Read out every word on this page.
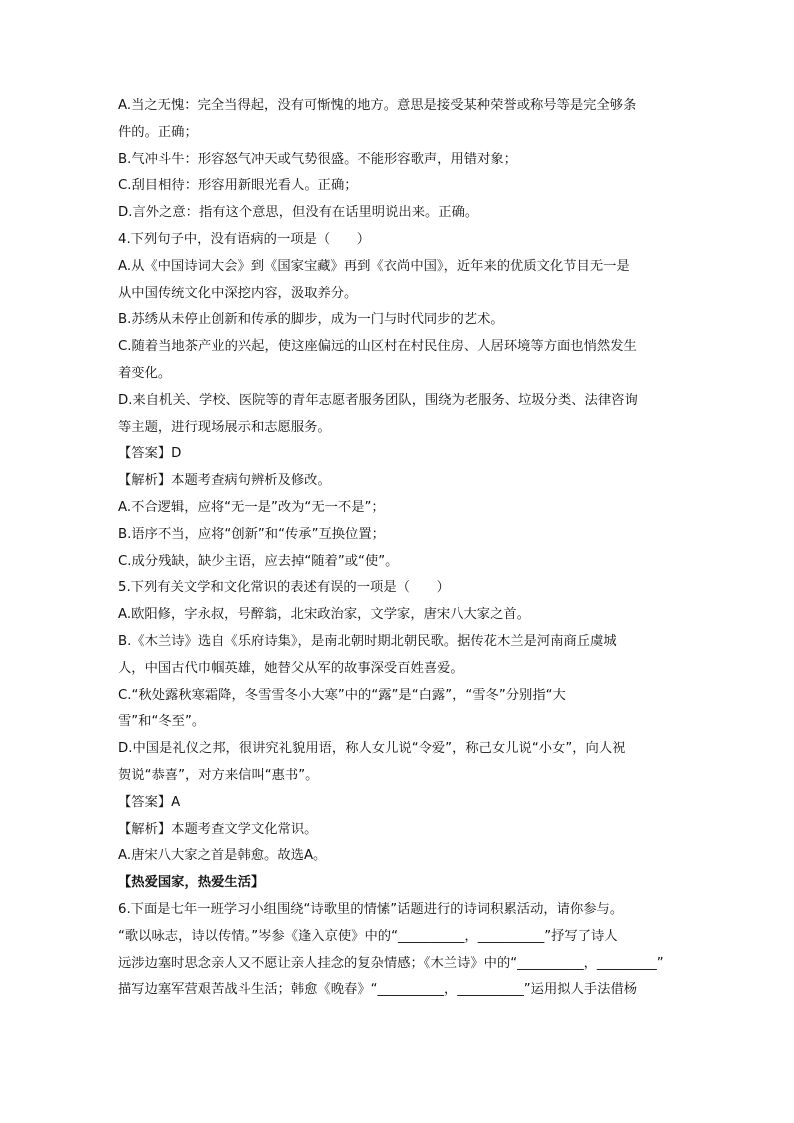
A.当之无愧：完全当得起，没有可惭愧的地方。意思是接受某种荣誉或称号等是完全够条
件的。正确；
B.气冲斗牛：形容怒气冲天或气势很盛。不能形容歌声，用错对象；
C.刮目相待：形容用新眼光看人。正确；
D.言外之意：指有这个意思，但没有在话里明说出来。正确。
4.下列句子中，没有语病的一项是（　　）
A.从《中国诗词大会》到《国家宝藏》再到《衣尚中国》，近年来的优质文化节目无一是
从中国传统文化中深挖内容，汲取养分。
B.苏绣从未停止创新和传承的脚步，成为一门与时代同步的艺术。
C.随着当地茶产业的兴起，使这座偏远的山区村在村民住房、人居环境等方面也悄然发生
着变化。
D.来自机关、学校、医院等的青年志愿者服务团队，围绕为老服务、垃圾分类、法律咨询
等主题，进行现场展示和志愿服务。
【答案】D
【解析】本题考查病句辨析及修改。
A.不合逻辑，应将“无一是”改为“无一不是”；
B.语序不当，应将“创新”和“传承”互换位置；
C.成分残缺，缺少主语，应去掉“随着”或“使”。
5.下列有关文学和文化常识的表述有误的一项是（　　）
A.欧阳修，字永叔，号醉翁，北宋政治家，文学家，唐宋八大家之首。
B.《木兰诗》选自《乐府诗集》，是南北朝时期北朝民歌。据传花木兰是河南商丘虞城
人，中国古代巾帼英雄，她替父从军的故事深受百姓喜爱。
C.“秋处露秋寒霜降，冬雪雪冬小大寒”中的“露”是“白露”，“雪冬”分别指“大
雪”和“冬至”。
D.中国是礼仪之邦，很讲究礼貌用语，称人女儿说“令爱”，称己女儿说“小女”，向人祝
贺说“恭喜”，对方来信叫“惠书”。
【答案】A
【解析】本题考查文学文化常识。
A.唐宋八大家之首是韩愈。故选A。
【热爱国家，热爱生活】
6.下面是七年一班学习小组围绕“诗歌里的情愫”话题进行的诗词积累活动，请你参与。
“歌以咏志，诗以传情。”岑参《逢入京使》中的“__________，__________”抒写了诗人
远涉边塞时思念亲人又不愿让亲人挂念的复杂情感；《木兰诗》中的“__________，_________”
描写边塞军营艰苦战斗生活；韩愈《晚春》“__________，__________”运用拟人手法借杨
